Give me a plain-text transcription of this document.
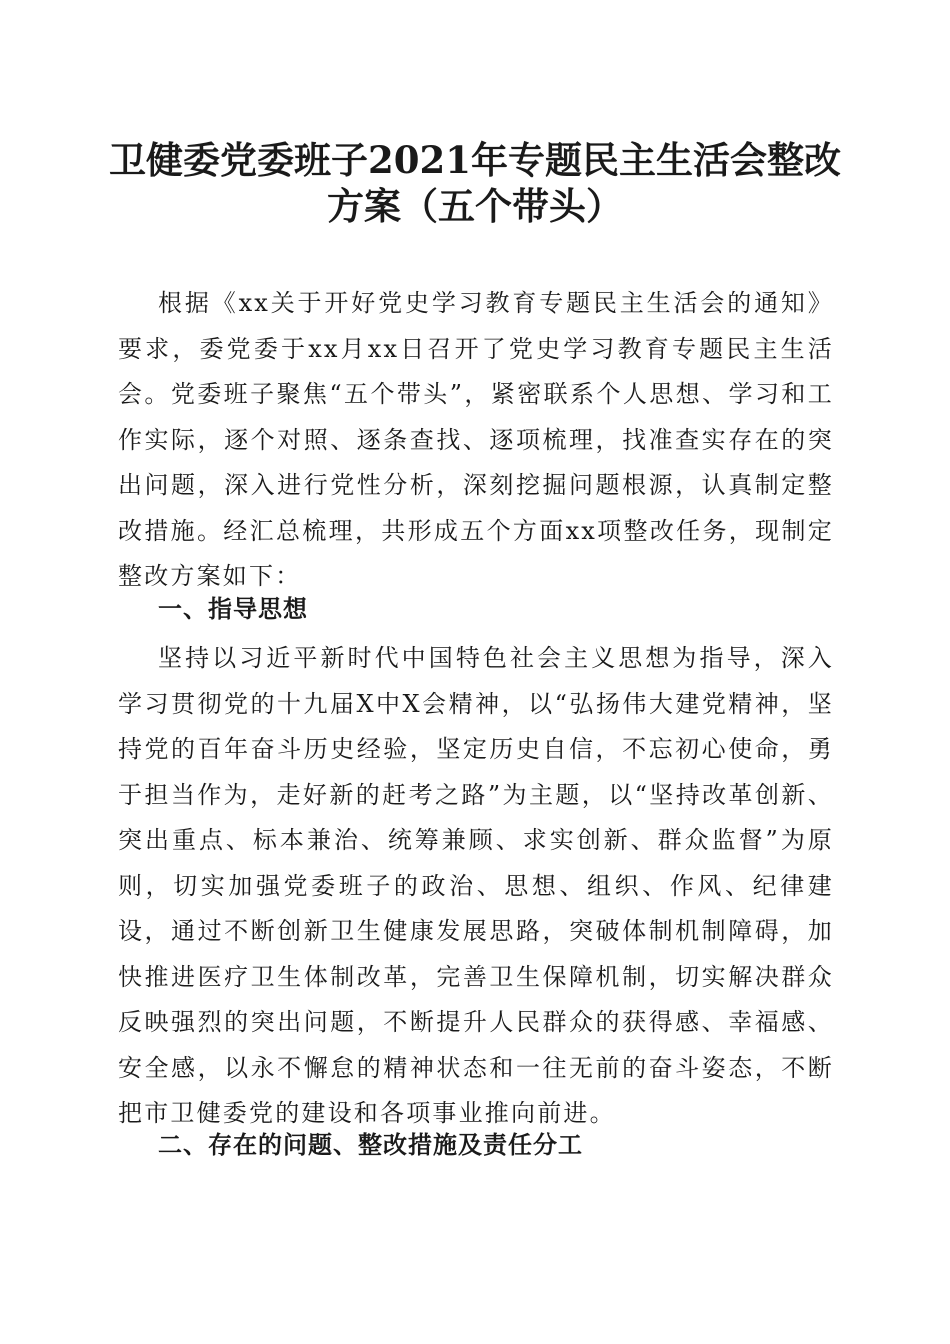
卫健委党委班子2021年专题民主生活会整改
方案（五个带头）

根据《xx关于开好党史学习教育专题民主生活会的通知》要求，委党委于xx月xx日召开了党史学习教育专题民主生活会。党委班子聚焦“五个带头”，紧密联系个人思想、学习和工作实际，逐个对照、逐条查找、逐项梳理，找准查实存在的突出问题，深入进行党性分析，深刻挖掘问题根源，认真制定整改措施。经汇总梳理，共形成五个方面xx项整改任务，现制定整改方案如下：

一、指导思想

坚持以习近平新时代中国特色社会主义思想为指导，深入学习贯彻党的十九届X中X会精神，以“弘扬伟大建党精神，坚持党的百年奋斗历史经验，坚定历史自信，不忘初心使命，勇于担当作为，走好新的赶考之路”为主题，以“坚持改革创新、突出重点、标本兼治、统筹兼顾、求实创新、群众监督”为原则，切实加强党委班子的政治、思想、组织、作风、纪律建设，通过不断创新卫生健康发展思路，突破体制机制障碍，加快推进医疗卫生体制改革，完善卫生保障机制，切实解决群众反映强烈的突出问题，不断提升人民群众的获得感、幸福感、安全感，以永不懈怠的精神状态和一往无前的奋斗姿态，不断把市卫健委党的建设和各项事业推向前进。

二、存在的问题、整改措施及责任分工
